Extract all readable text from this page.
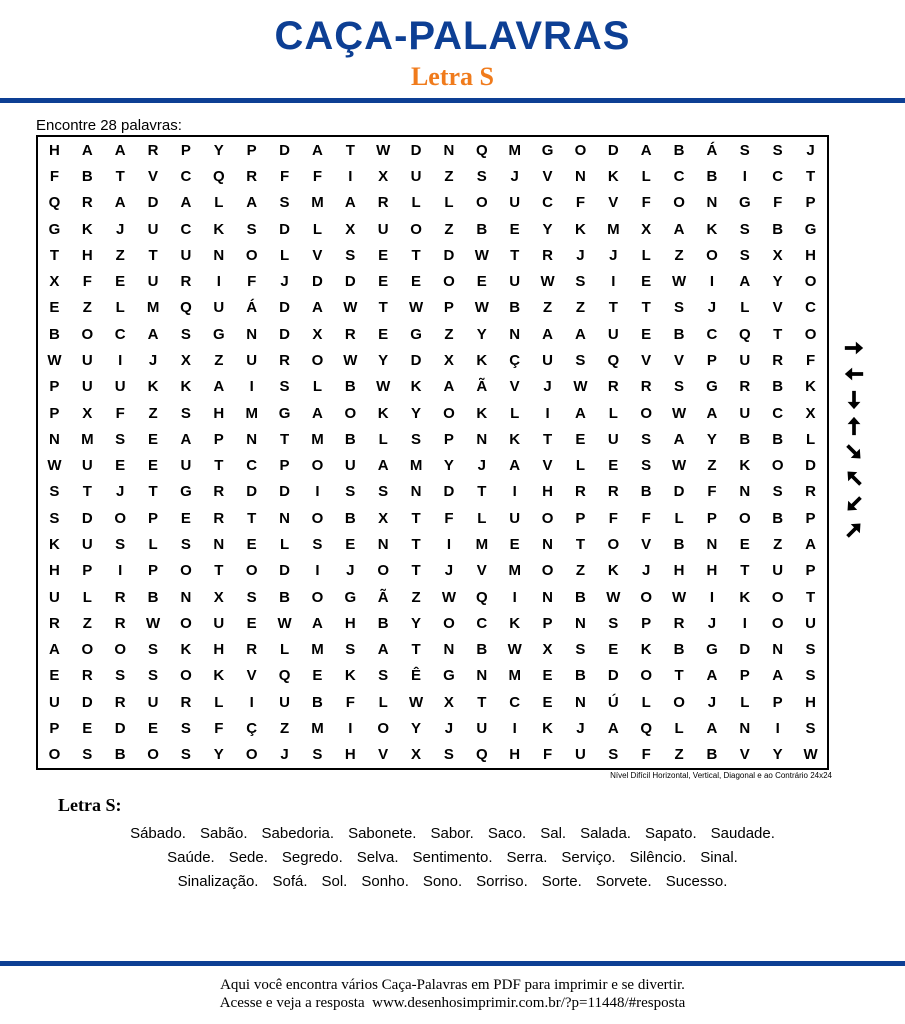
CAÇA-PALAVRAS
Letra S
Encontre 28 palavras:
H	A	A	R	P	Y	P	D	A	T	W	D	N	Q	M	G	O	D	A	B	Á	S	S	J
F	B	T	V	C	Q	R	F	F	I	X	U	Z	S	J	V	N	K	L	C	B	I	C	T
Q	R	A	D	A	L	A	S	M	A	R	L	L	O	U	C	F	V	F	O	N	G	F	P
G	K	J	U	C	K	S	D	L	X	U	O	Z	B	E	Y	K	M	X	A	K	S	B	G
T	H	Z	T	U	N	O	L	V	S	E	T	D	W	T	R	J	J	L	Z	O	S	X	H
X	F	E	U	R	I	F	J	D	D	E	E	O	E	U	W	S	I	E	W	I	A	Y	O
E	Z	L	M	Q	U	Á	D	A	W	T	W	P	W	B	Z	Z	T	T	S	J	L	V	C
B	O	C	A	S	G	N	D	X	R	E	G	Z	Y	N	A	A	U	E	B	C	Q	T	O
W	U	I	J	X	Z	U	R	O	W	Y	D	X	K	Ç	U	S	Q	V	V	P	U	R	F
P	U	U	K	K	A	I	S	L	B	W	K	A	Ã	V	J	W	R	R	S	G	R	B	K
P	X	F	Z	S	H	M	G	A	O	K	Y	O	K	L	I	A	L	O	W	A	U	C	X
N	M	S	E	A	P	N	T	M	B	L	S	P	N	K	T	E	U	S	A	Y	B	B	L
W	U	E	E	U	T	C	P	O	U	A	M	Y	J	A	V	L	E	S	W	Z	K	O	D
S	T	J	T	G	R	D	D	I	S	S	N	D	T	I	H	R	R	B	D	F	N	S	R
S	D	O	P	E	R	T	N	O	B	X	T	F	L	U	O	P	F	F	L	P	O	B	P
K	U	S	L	S	N	E	L	S	E	N	T	I	M	E	N	T	O	V	B	N	E	Z	A
H	P	I	P	O	T	O	D	I	J	O	T	J	V	M	O	Z	K	J	H	H	T	U	P
U	L	R	B	N	X	S	B	O	G	Ã	Z	W	Q	I	N	B	W	O	W	I	K	O	T
R	Z	R	W	O	U	E	W	A	H	B	Y	O	C	K	P	N	S	P	R	J	I	O	U
A	O	O	S	K	H	R	L	M	S	A	T	N	B	W	X	S	E	K	B	G	D	N	S
E	R	S	S	O	K	V	Q	E	K	S	Ê	G	N	M	E	B	D	O	T	A	P	A	S
U	D	R	U	R	L	I	U	B	F	L	W	X	T	C	E	N	Ú	L	O	J	L	P	H
P	E	D	E	S	F	Ç	Z	M	I	O	Y	J	U	I	K	J	A	Q	L	A	N	I	S
O	S	B	O	S	Y	O	J	S	H	V	X	S	Q	H	F	U	S	F	Z	B	V	Y	W
Nível Difícil Horizontal, Vertical, Diagonal e ao Contrário 24x24
Letra S:
Sábado. Sabão. Sabedoria. Sabonete. Sabor. Saco. Sal. Salada. Sapato. Saudade.
Saúde. Sede. Segredo. Selva. Sentimento. Serra. Serviço. Silêncio. Sinal.
Sinalização. Sofá. Sol. Sonho. Sono. Sorriso. Sorte. Sorvete. Sucesso.
Aqui você encontra vários Caça-Palavras em PDF para imprimir e se divertir.
Acesse e veja a resposta  www.desenhosimprimir.com.br/?p=11448/#resposta
